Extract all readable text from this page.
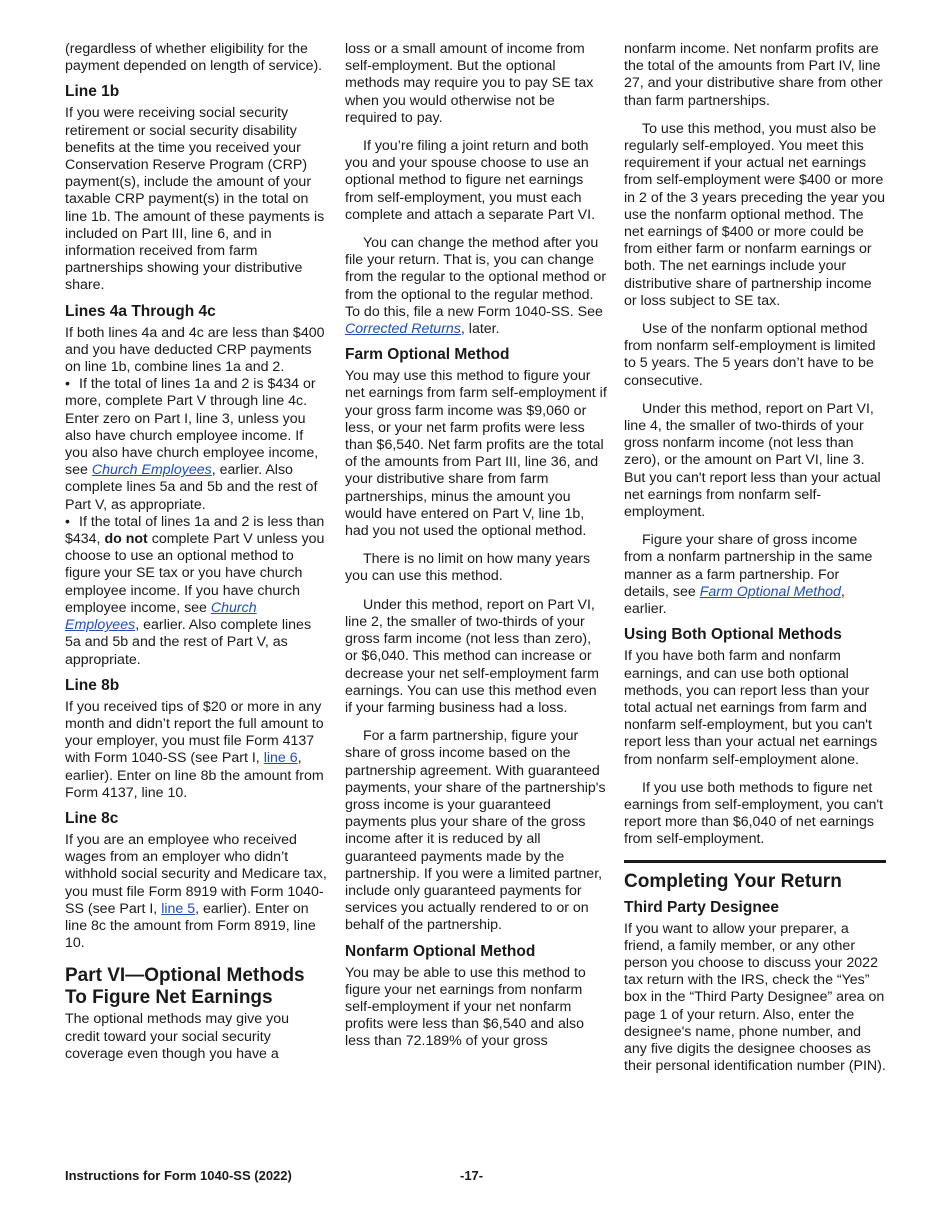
(regardless of whether eligibility for the payment depended on length of service).

Line 1b

If you were receiving social security retirement or social security disability benefits at the time you received your Conservation Reserve Program (CRP) payment(s), include the amount of your taxable CRP payment(s) in the total on line 1b. The amount of these payments is included on Part III, line 6, and in information received from farm partnerships showing your distributive share.

Lines 4a Through 4c

If both lines 4a and 4c are less than $400 and you have deducted CRP payments on line 1b, combine lines 1a and 2.

• If the total of lines 1a and 2 is $434 or more, complete Part V through line 4c. Enter zero on Part I, line 3, unless you also have church employee income. If you also have church employee income, see Church Employees, earlier. Also complete lines 5a and 5b and the rest of Part V, as appropriate.

• If the total of lines 1a and 2 is less than $434, do not complete Part V unless you choose to use an optional method to figure your SE tax or you have church employee income. If you have church employee income, see Church Employees, earlier. Also complete lines 5a and 5b and the rest of Part V, as appropriate.

Line 8b

If you received tips of $20 or more in any month and didn’t report the full amount to your employer, you must file Form 4137 with Form 1040-SS (see Part I, line 6, earlier). Enter on line 8b the amount from Form 4137, line 10.

Line 8c

If you are an employee who received wages from an employer who didn’t withhold social security and Medicare tax, you must file Form 8919 with Form 1040-SS (see Part I, line 5, earlier). Enter on line 8c the amount from Form 8919, line 10.

Part VI—Optional Methods To Figure Net Earnings

The optional methods may give you credit toward your social security coverage even though you have a

loss or a small amount of income from self-employment. But the optional methods may require you to pay SE tax when you would otherwise not be required to pay.

If you’re filing a joint return and both you and your spouse choose to use an optional method to figure net earnings from self-employment, you must each complete and attach a separate Part VI.

You can change the method after you file your return. That is, you can change from the regular to the optional method or from the optional to the regular method. To do this, file a new Form 1040-SS. See Corrected Returns, later.

Farm Optional Method

You may use this method to figure your net earnings from farm self-employment if your gross farm income was $9,060 or less, or your net farm profits were less than $6,540. Net farm profits are the total of the amounts from Part III, line 36, and your distributive share from farm partnerships, minus the amount you would have entered on Part V, line 1b, had you not used the optional method.

There is no limit on how many years you can use this method.

Under this method, report on Part VI, line 2, the smaller of two-thirds of your gross farm income (not less than zero), or $6,040. This method can increase or decrease your net self-employment farm earnings. You can use this method even if your farming business had a loss.

For a farm partnership, figure your share of gross income based on the partnership agreement. With guaranteed payments, your share of the partnership's gross income is your guaranteed payments plus your share of the gross income after it is reduced by all guaranteed payments made by the partnership. If you were a limited partner, include only guaranteed payments for services you actually rendered to or on behalf of the partnership.

Nonfarm Optional Method

You may be able to use this method to figure your net earnings from nonfarm self-employment if your net nonfarm profits were less than $6,540 and also less than 72.189% of your gross

nonfarm income. Net nonfarm profits are the total of the amounts from Part IV, line 27, and your distributive share from other than farm partnerships.

To use this method, you must also be regularly self-employed. You meet this requirement if your actual net earnings from self-employment were $400 or more in 2 of the 3 years preceding the year you use the nonfarm optional method. The net earnings of $400 or more could be from either farm or nonfarm earnings or both. The net earnings include your distributive share of partnership income or loss subject to SE tax.

Use of the nonfarm optional method from nonfarm self-employment is limited to 5 years. The 5 years don’t have to be consecutive.

Under this method, report on Part VI, line 4, the smaller of two-thirds of your gross nonfarm income (not less than zero), or the amount on Part VI, line 3. But you can't report less than your actual net earnings from nonfarm self-employment.

Figure your share of gross income from a nonfarm partnership in the same manner as a farm partnership. For details, see Farm Optional Method, earlier.

Using Both Optional Methods

If you have both farm and nonfarm earnings, and can use both optional methods, you can report less than your total actual net earnings from farm and nonfarm self-employment, but you can't report less than your actual net earnings from nonfarm self-employment alone.

If you use both methods to figure net earnings from self-employment, you can't report more than $6,040 of net earnings from self-employment.

Completing Your Return
Third Party Designee

If you want to allow your preparer, a friend, a family member, or any other person you choose to discuss your 2022 tax return with the IRS, check the “Yes” box in the “Third Party Designee” area on page 1 of your return. Also, enter the designee's name, phone number, and any five digits the designee chooses as their personal identification number (PIN).

Instructions for Form 1040-SS (2022)	-17-
